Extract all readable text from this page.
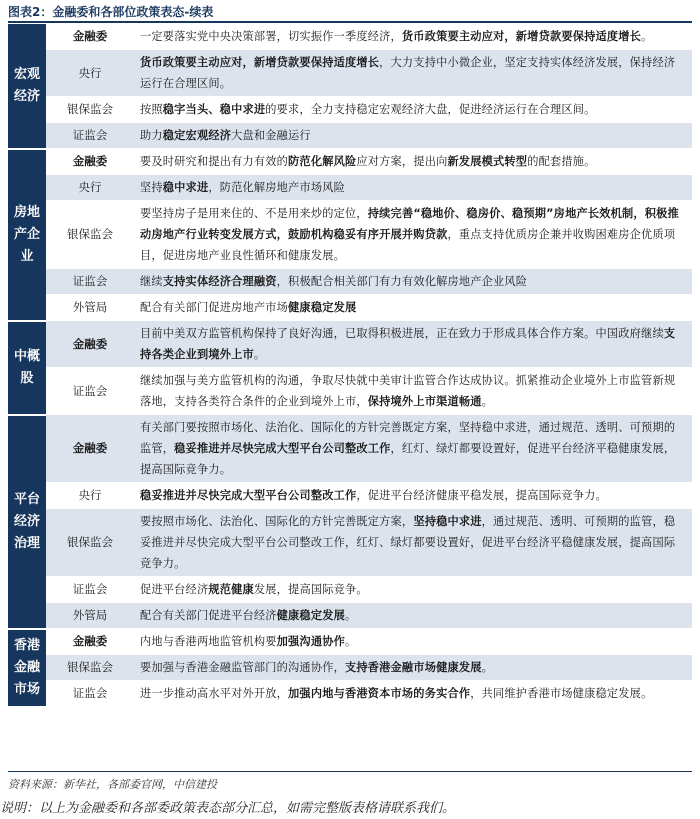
图表2：金融委和各部位政策表态-续表
宏观经济	金融委	一定要落实党中央决策部署，切实振作一季度经济，货币政策要主动应对，新增贷款要保持适度增长。
	央行	货币政策要主动应对，新增贷款要保持适度增长，大力支持中小微企业，坚定支持实体经济发展，保持经济运行在合理区间。
	银保监会	按照稳字当头、稳中求进的要求，全力支持稳定宏观经济大盘，促进经济运行在合理区间。
	证监会	助力稳定宏观经济大盘和金融运行
房地产企业	金融委	要及时研究和提出有力有效的防范化解风险应对方案，提出向新发展模式转型的配套措施。
	央行	坚持稳中求进，防范化解房地产市场风险
	银保监会	要坚持房子是用来住的、不是用来炒的定位，持续完善“稳地价、稳房价、稳预期”房地产长效机制，积极推动房地产行业转变发展方式，鼓励机构稳妥有序开展并购贷款，重点支持优质房企兼并收购困难房企优质项目，促进房地产业良性循环和健康发展。
	证监会	继续支持实体经济合理融资，积极配合相关部门有力有效化解房地产企业风险
	外管局	配合有关部门促进房地产市场健康稳定发展
中概股	金融委	目前中美双方监管机构保持了良好沟通，已取得积极进展，正在致力于形成具体合作方案。中国政府继续支持各类企业到境外上市。
	证监会	继续加强与美方监管机构的沟通，争取尽快就中美审计监管合作达成协议。抓紧推动企业境外上市监管新规落地，支持各类符合条件的企业到境外上市，保持境外上市渠道畅通。
平台经济治理	金融委	有关部门要按照市场化、法治化、国际化的方针完善既定方案，坚持稳中求进，通过规范、透明、可预期的监管，稳妥推进并尽快完成大型平台公司整改工作，红灯、绿灯都要设置好，促进平台经济平稳健康发展，提高国际竞争力。
	央行	稳妥推进并尽快完成大型平台公司整改工作，促进平台经济健康平稳发展，提高国际竞争力。
	银保监会	要按照市场化、法治化、国际化的方针完善既定方案，坚持稳中求进，通过规范、透明、可预期的监管，稳妥推进并尽快完成大型平台公司整改工作，红灯、绿灯都要设置好，促进平台经济平稳健康发展，提高国际竞争力。
	证监会	促进平台经济规范健康发展，提高国际竞争。
	外管局	配合有关部门促进平台经济健康稳定发展。
香港金融市场	金融委	内地与香港两地监管机构要加强沟通协作。
	银保监会	要加强与香港金融监管部门的沟通协作，支持香港金融市场健康发展。
	证监会	进一步推动高水平对外开放，加强内地与香港资本市场的务实合作，共同维护香港市场健康稳定发展。
资料来源：新华社，各部委官网，中信建投
说明：以上为金融委和各部委政策表态部分汇总，如需完整版表格请联系我们。
